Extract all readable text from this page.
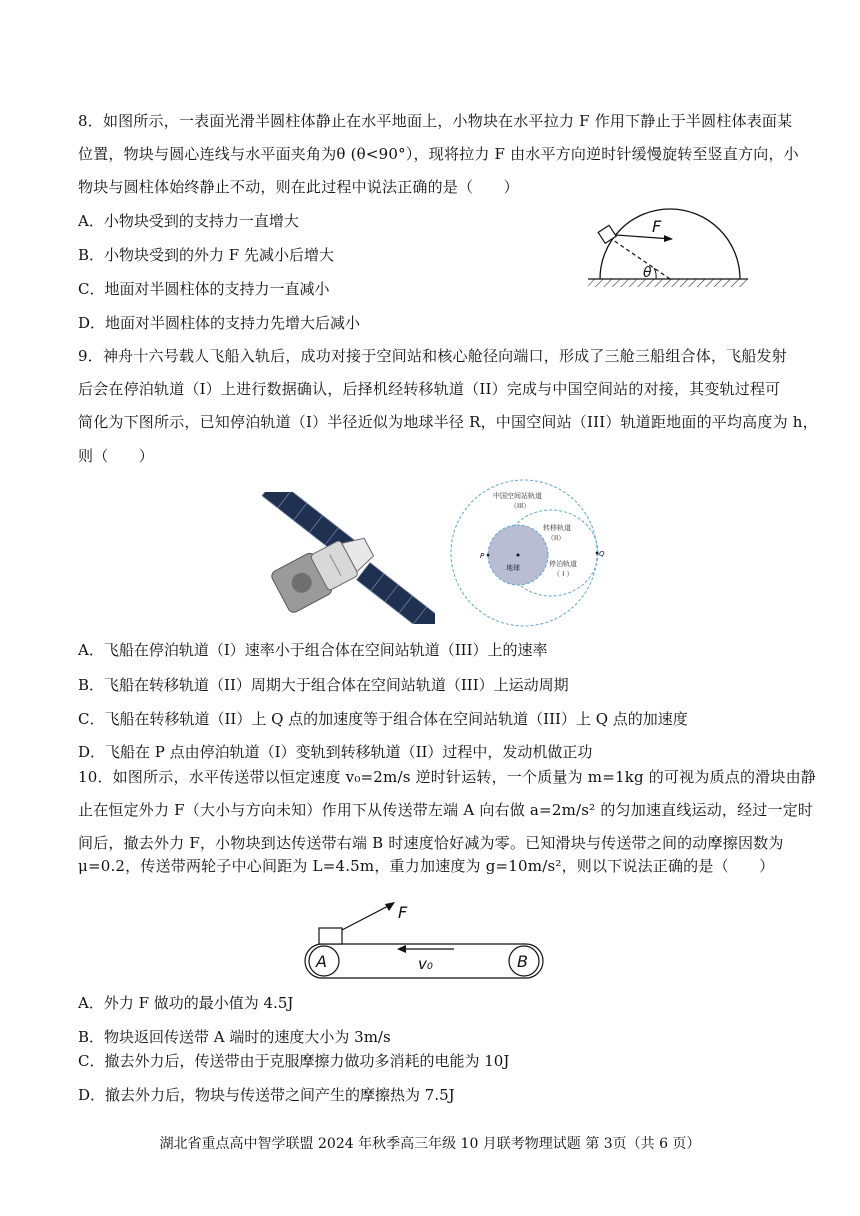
8．如图所示，一表面光滑半圆柱体静止在水平地面上，小物块在水平拉力 F 作用下静止于半圆柱体表面某
位置，物块与圆心连线与水平面夹角为θ (θ<90°），现将拉力 F 由水平方向逆时针缓慢旋转至竖直方向，小
物块与圆柱体始终静止不动，则在此过程中说法正确的是（　　）
A．小物块受到的支持力一直增大
B．小物块受到的外力 F 先减小后增大
C．地面对半圆柱体的支持力一直减小
D．地面对半圆柱体的支持力先增大后减小
F
θ
9．神舟十六号载人飞船入轨后，成功对接于空间站和核心舱径向端口，形成了三舱三船组合体，飞船发射
后会在停泊轨道（I）上进行数据确认，后择机经转移轨道（II）完成与中国空间站的对接，其变轨过程可
简化为下图所示，已知停泊轨道（I）半径近似为地球半径 R，中国空间站（III）轨道距地面的平均高度为 h，
则（　　）
地球
中国空间站轨道
（III）
转移轨道
（II）
停泊轨道
（ I ）
P	Q
A．飞船在停泊轨道（I）速率小于组合体在空间站轨道（III）上的速率
B．飞船在转移轨道（II）周期大于组合体在空间站轨道（III）上运动周期
C．飞船在转移轨道（II）上 Q 点的加速度等于组合体在空间站轨道（III）上 Q 点的加速度
D．飞船在 P 点由停泊轨道（I）变轨到转移轨道（II）过程中，发动机做正功
10．如图所示，水平传送带以恒定速度 v₀=2m/s 逆时针运转，一个质量为 m=1kg 的可视为质点的滑块由静
止在恒定外力 F（大小与方向未知）作用下从传送带左端 A 向右做 a=2m/s² 的匀加速直线运动，经过一定时
间后，撤去外力 F，小物块到达传送带右端 B 时速度恰好减为零。已知滑块与传送带之间的动摩擦因数为
μ=0.2，传送带两轮子中心间距为 L=4.5m，重力加速度为 g=10m/s²，则以下说法正确的是（　　）
A	B
F
v₀
A．外力 F 做功的最小值为 4.5J
B．物块返回传送带 A 端时的速度大小为 3m/s
C．撤去外力后，传送带由于克服摩擦力做功多消耗的电能为 10J
D．撤去外力后，物块与传送带之间产生的摩擦热为 7.5J
湖北省重点高中智学联盟 2024 年秋季高三年级 10 月联考物理试题 第 3页（共 6 页）
